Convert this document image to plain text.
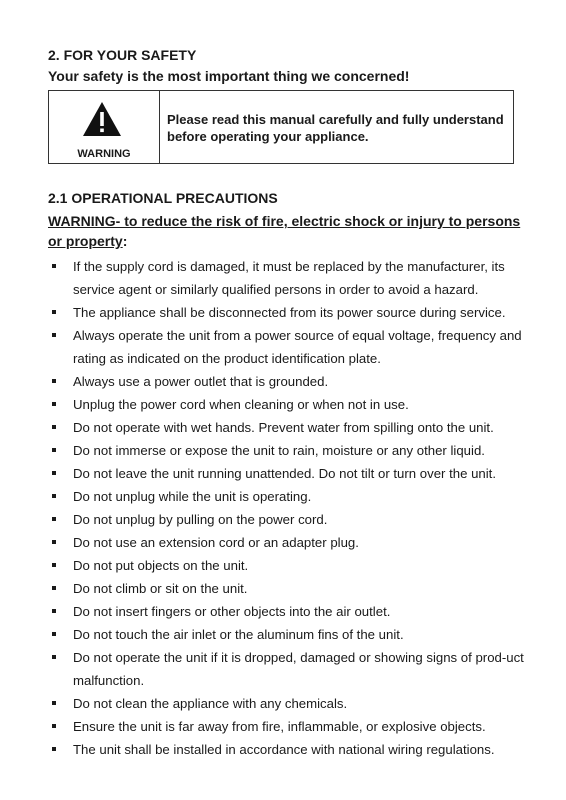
2. FOR YOUR SAFETY
Your safety is the most important thing we concerned!
WARNING
Please read this manual carefully and fully understand before operating your appliance.
2.1 OPERATIONAL PRECAUTIONS
WARNING- to reduce the risk of fire, electric shock or injury to persons or property:
If the supply cord is damaged, it must be replaced by the manufacturer, its service agent or similarly qualified persons in order to avoid a hazard.
The appliance shall be disconnected from its power source during service.
Always operate the unit from a power source of equal voltage, frequency and rating as indicated on the product identification plate.
Always use a power outlet that is grounded.
Unplug the power cord when cleaning or when not in use.
Do not operate with wet hands. Prevent water from spilling onto the unit.
Do not immerse or expose the unit to rain, moisture or any other liquid.
Do not leave the unit running unattended. Do not tilt or turn over the unit.
Do not unplug while the unit is operating.
Do not unplug by pulling on the power cord.
Do not use an extension cord or an adapter plug.
Do not put objects on the unit.
Do not climb or sit on the unit.
Do not insert fingers or other objects into the air outlet.
Do not touch the air inlet or the aluminum fins of the unit.
Do not operate the unit if it is dropped, damaged or showing signs of prod-uct malfunction.
Do not clean the appliance with any chemicals.
Ensure the unit is far away from fire, inflammable, or explosive objects.
The unit shall be installed in accordance with national wiring regulations.
